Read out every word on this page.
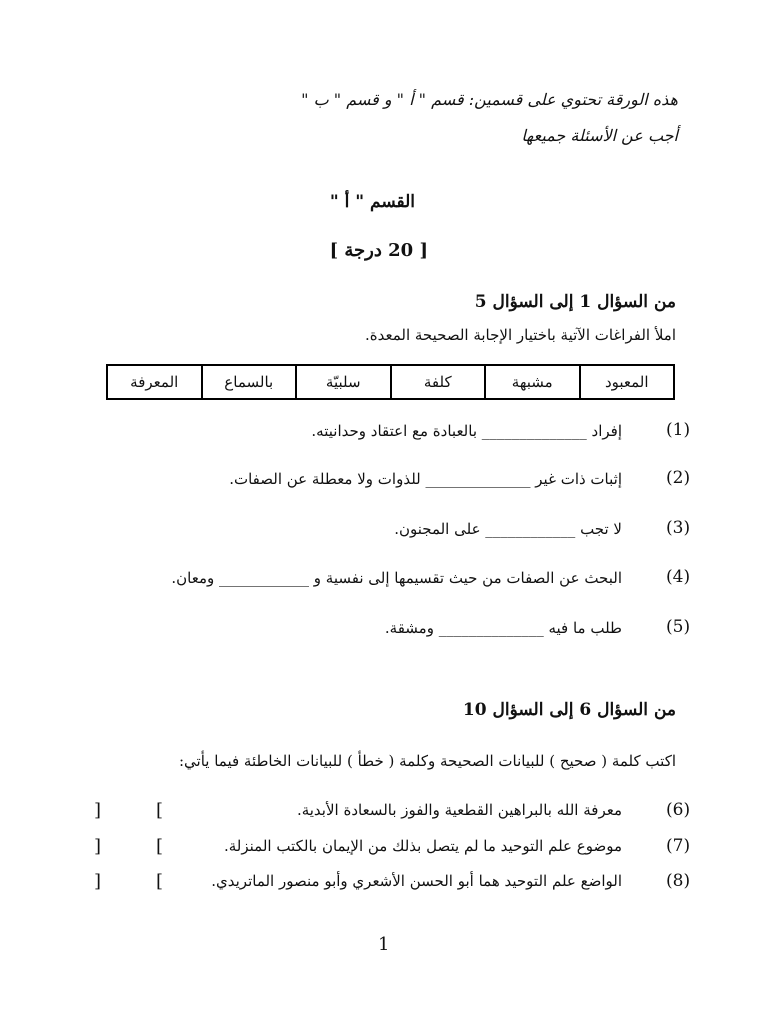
هذه الورقة تحتوي على قسمين: قسم " أ " و قسم " ب "
أجب عن الأسئلة جميعها
القسم " أ "
[ 20 درجة ]
من السؤال 1 إلى السؤال 5
املأ الفراغات الآتية باختيار الإجابة الصحيحة المعدة.
المعبود	مشبهة	كلفة	سلبيّة	بالسماع	المعرفة
(1)
إفراد ______________ بالعبادة مع اعتقاد وحدانيته.
(2)
إثبات ذات غير ______________ للذوات ولا معطلة عن الصفات.
(3)
لا تجب ____________ على المجنون.
(4)
البحث عن الصفات من حيث تقسيمها إلى نفسية و ____________ ومعان.
(5)
طلب ما فيه ______________ ومشقة.
من السؤال 6 إلى السؤال 10
اكتب كلمة ( صحيح ) للبيانات الصحيحة وكلمة ( خطأ ) للبيانات الخاطئة فيما يأتي:
]	[	(6)
معرفة الله بالبراهين القطعية والفوز بالسعادة الأبدية.
]	[	(7)
موضوع علم التوحيد ما لم يتصل بذلك من الإيمان بالكتب المنزلة.
]	[	(8)
الواضع علم التوحيد هما أبو الحسن الأشعري وأبو منصور الماتريدي.
1
